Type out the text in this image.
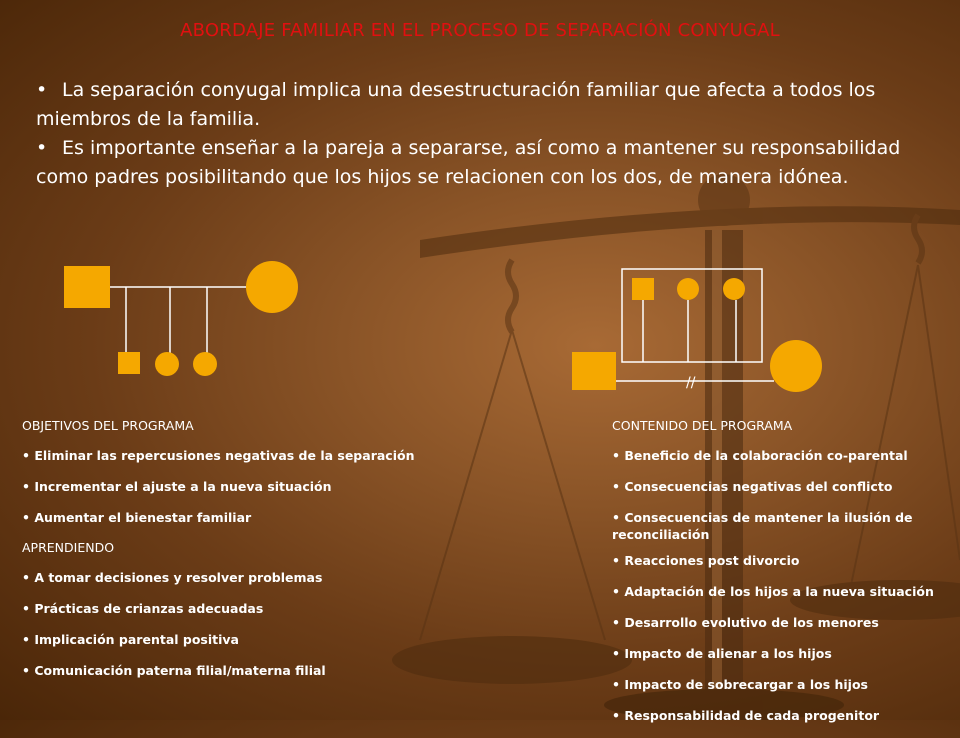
ABORDAJE FAMILIAR EN EL PROCESO DE SEPARACIÓN CONYUGAL

• La separación conyugal implica una desestructuración familiar que afecta a todos los miembros de la familia.

• Es importante enseñar a la pareja a separarse, así como a mantener su responsabilidad como padres posibilitando que los hijos se relacionen con los dos, de manera idónea.

//
OBJETIVOS DEL PROGRAMA
• Eliminar las repercusiones negativas de la separación
• Incrementar el ajuste a la nueva situación
• Aumentar el bienestar familiar
APRENDIENDO
• A tomar decisiones y resolver problemas
• Prácticas de crianzas adecuadas
• Implicación parental positiva
• Comunicación paterna filial/materna filial
CONTENIDO DEL PROGRAMA
• Beneficio de la colaboración co-parental
• Consecuencias negativas del conflicto
• Consecuencias de mantener la ilusión de reconciliación
• Reacciones post divorcio
• Adaptación de los hijos a la nueva situación
• Desarrollo evolutivo de los menores
• Impacto de alienar a los hijos
• Impacto de sobrecargar a los hijos
• Responsabilidad de cada progenitor
